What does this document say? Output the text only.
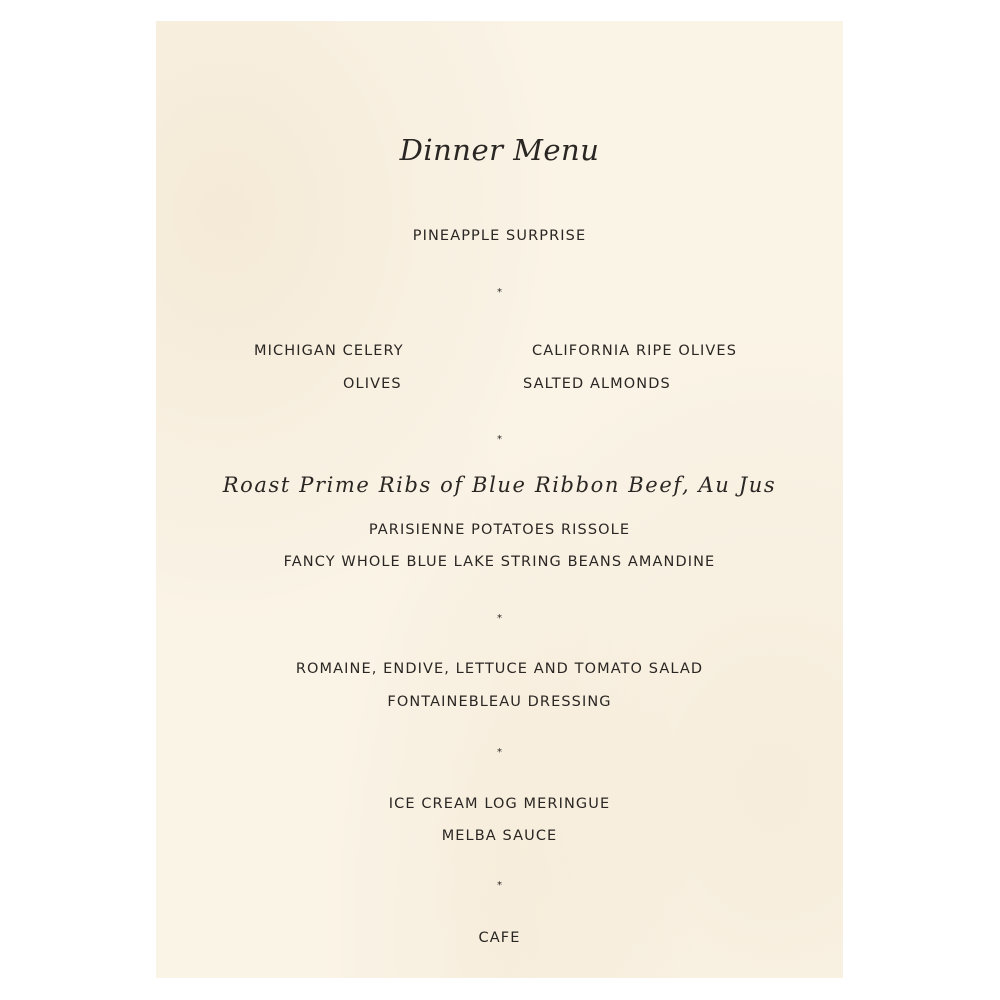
Dinner Menu
PINEAPPLE SURPRISE
*
MICHIGAN CELERY	CALIFORNIA RIPE OLIVES
OLIVES	SALTED ALMONDS
*
Roast Prime Ribs of Blue Ribbon Beef, Au Jus
PARISIENNE POTATOES RISSOLE
FANCY WHOLE BLUE LAKE STRING BEANS AMANDINE
*
ROMAINE, ENDIVE, LETTUCE AND TOMATO SALAD
FONTAINEBLEAU DRESSING
*
ICE CREAM LOG MERINGUE
MELBA SAUCE
*
CAFE
